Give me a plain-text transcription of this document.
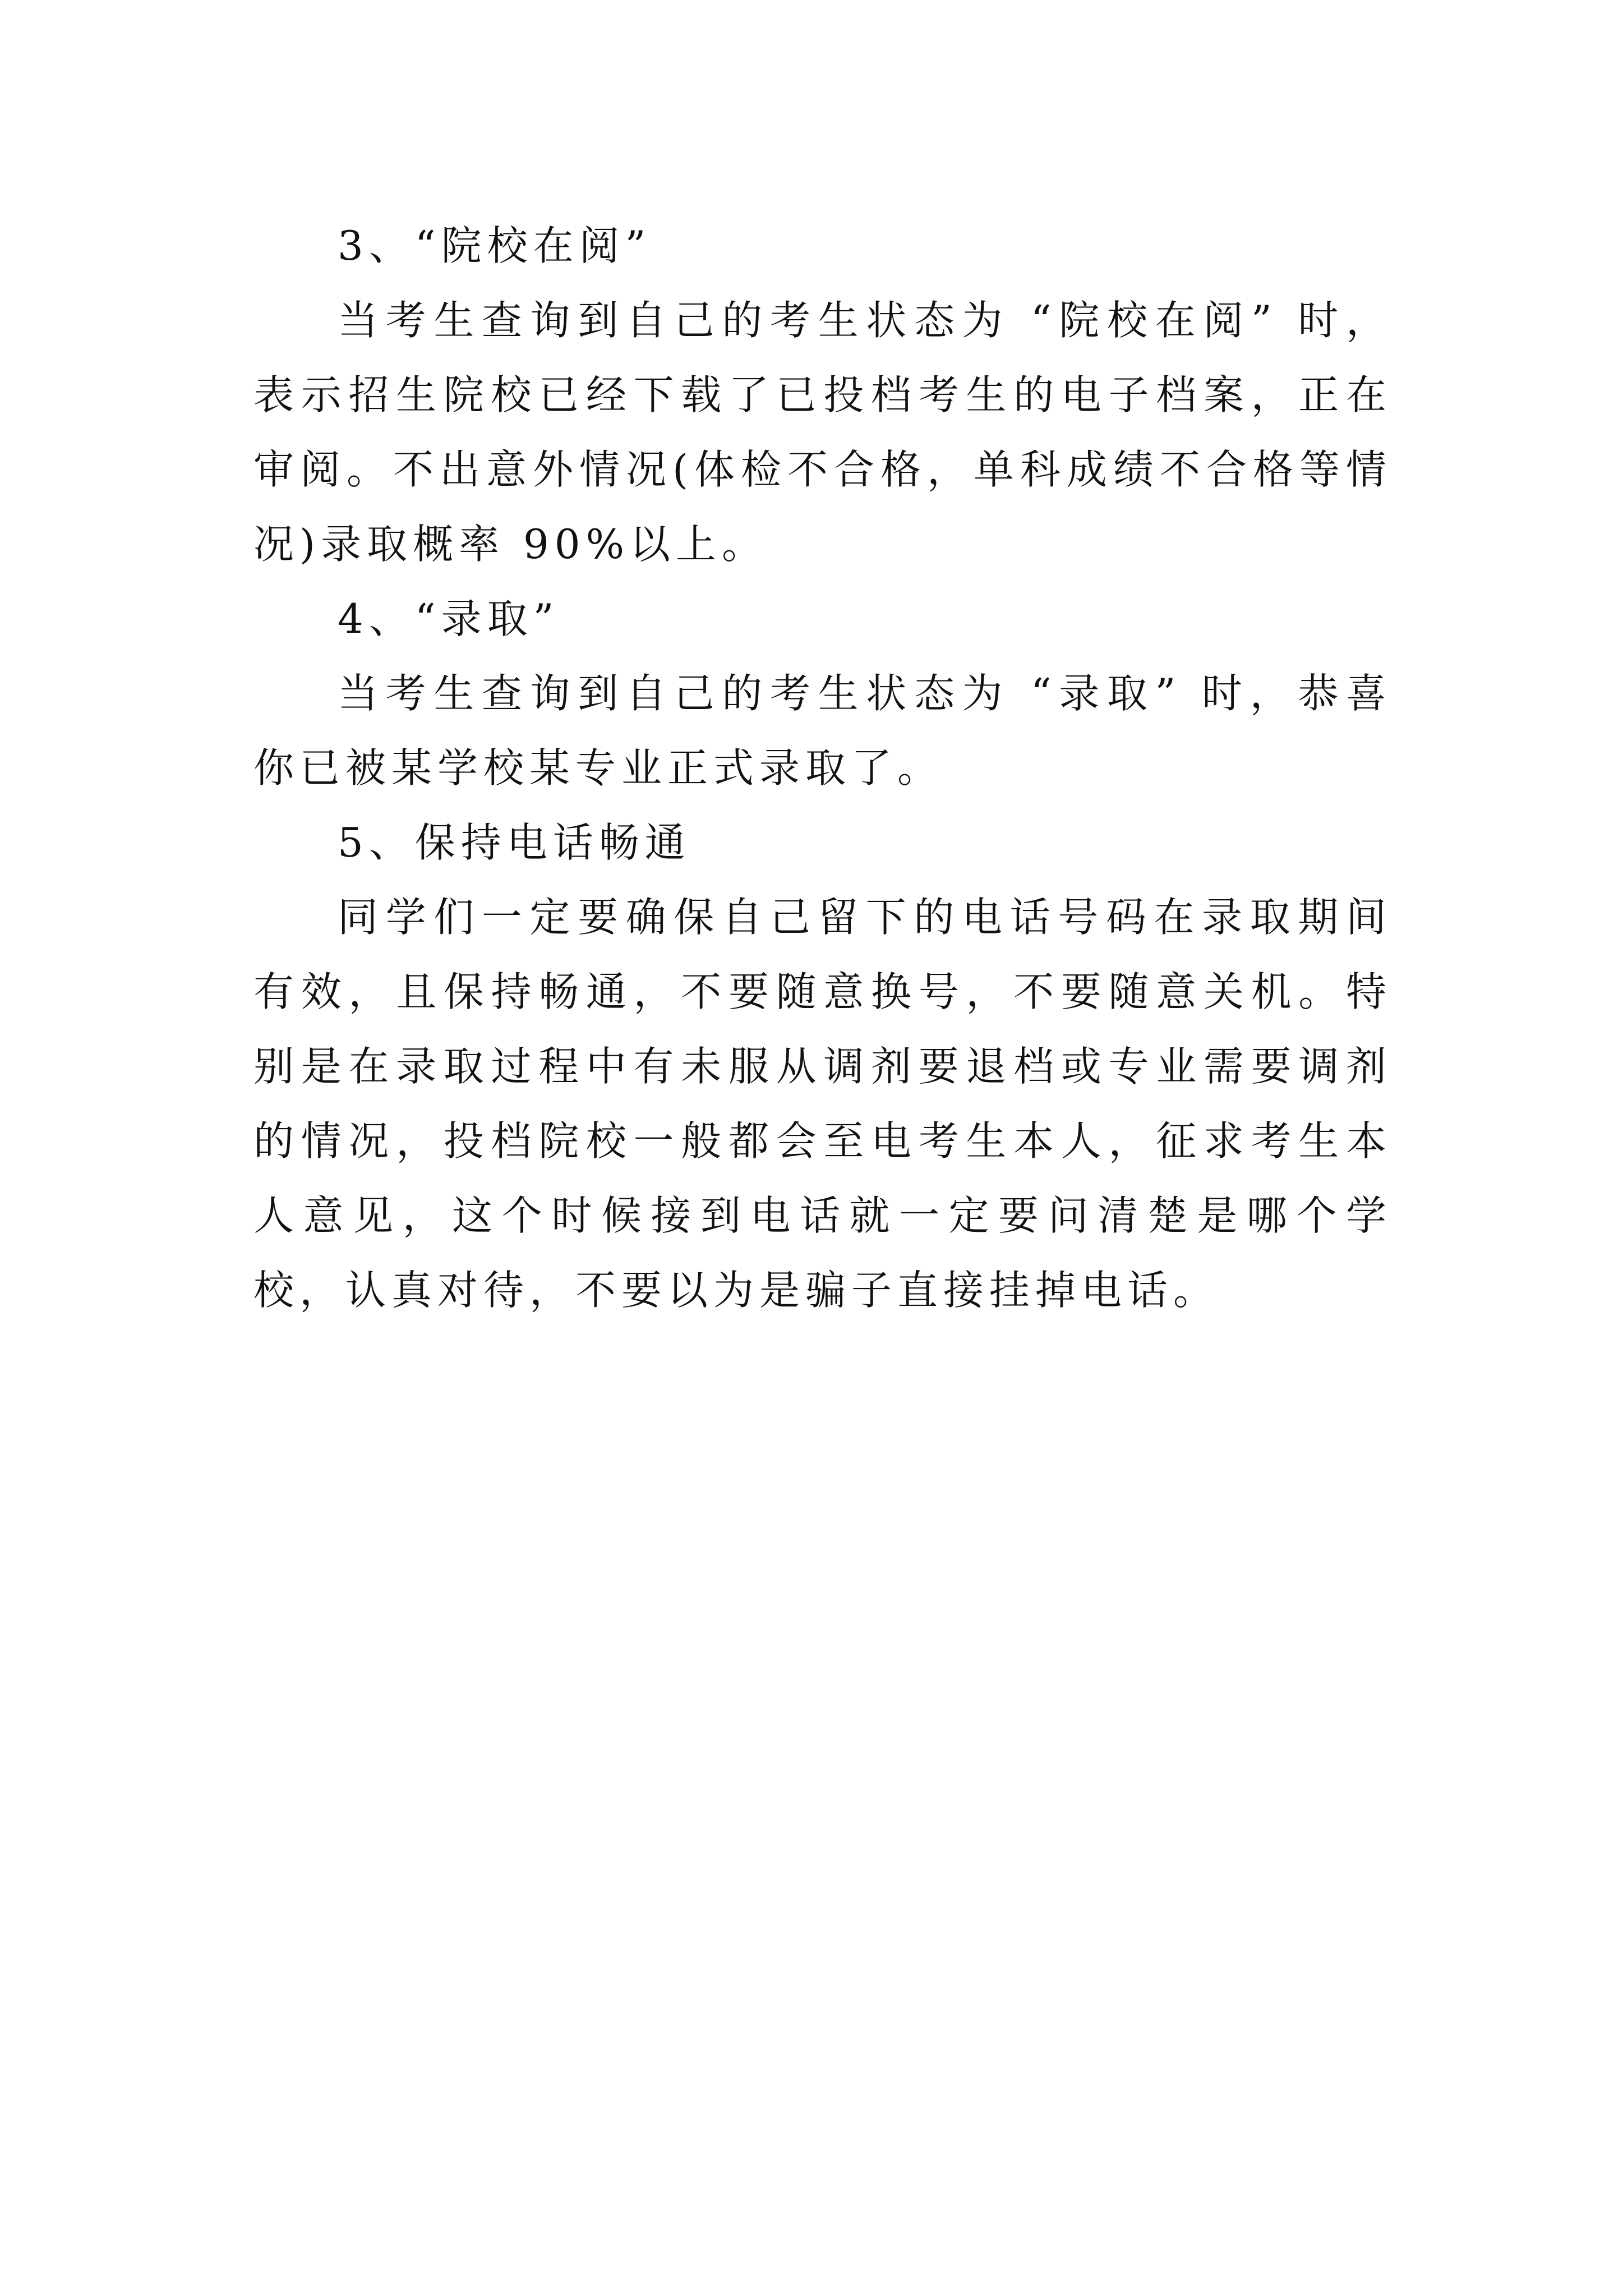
3、“院校在阅”

当考生查询到自己的考生状态为 “院校在阅” 时，表示招生院校已经下载了已投档考生的电子档案，正在审阅。不出意外情况(体检不合格，单科成绩不合格等情况)录取概率 90%以上。

4、“录取”

当考生查询到自己的考生状态为 “录取” 时，恭喜你已被某学校某专业正式录取了。

5、保持电话畅通

同学们一定要确保自己留下的电话号码在录取期间有效，且保持畅通，不要随意换号，不要随意关机。特别是在录取过程中有未服从调剂要退档或专业需要调剂的情况，投档院校一般都会至电考生本人，征求考生本人意见，这个时候接到电话就一定要问清楚是哪个学校，认真对待，不要以为是骗子直接挂掉电话。
